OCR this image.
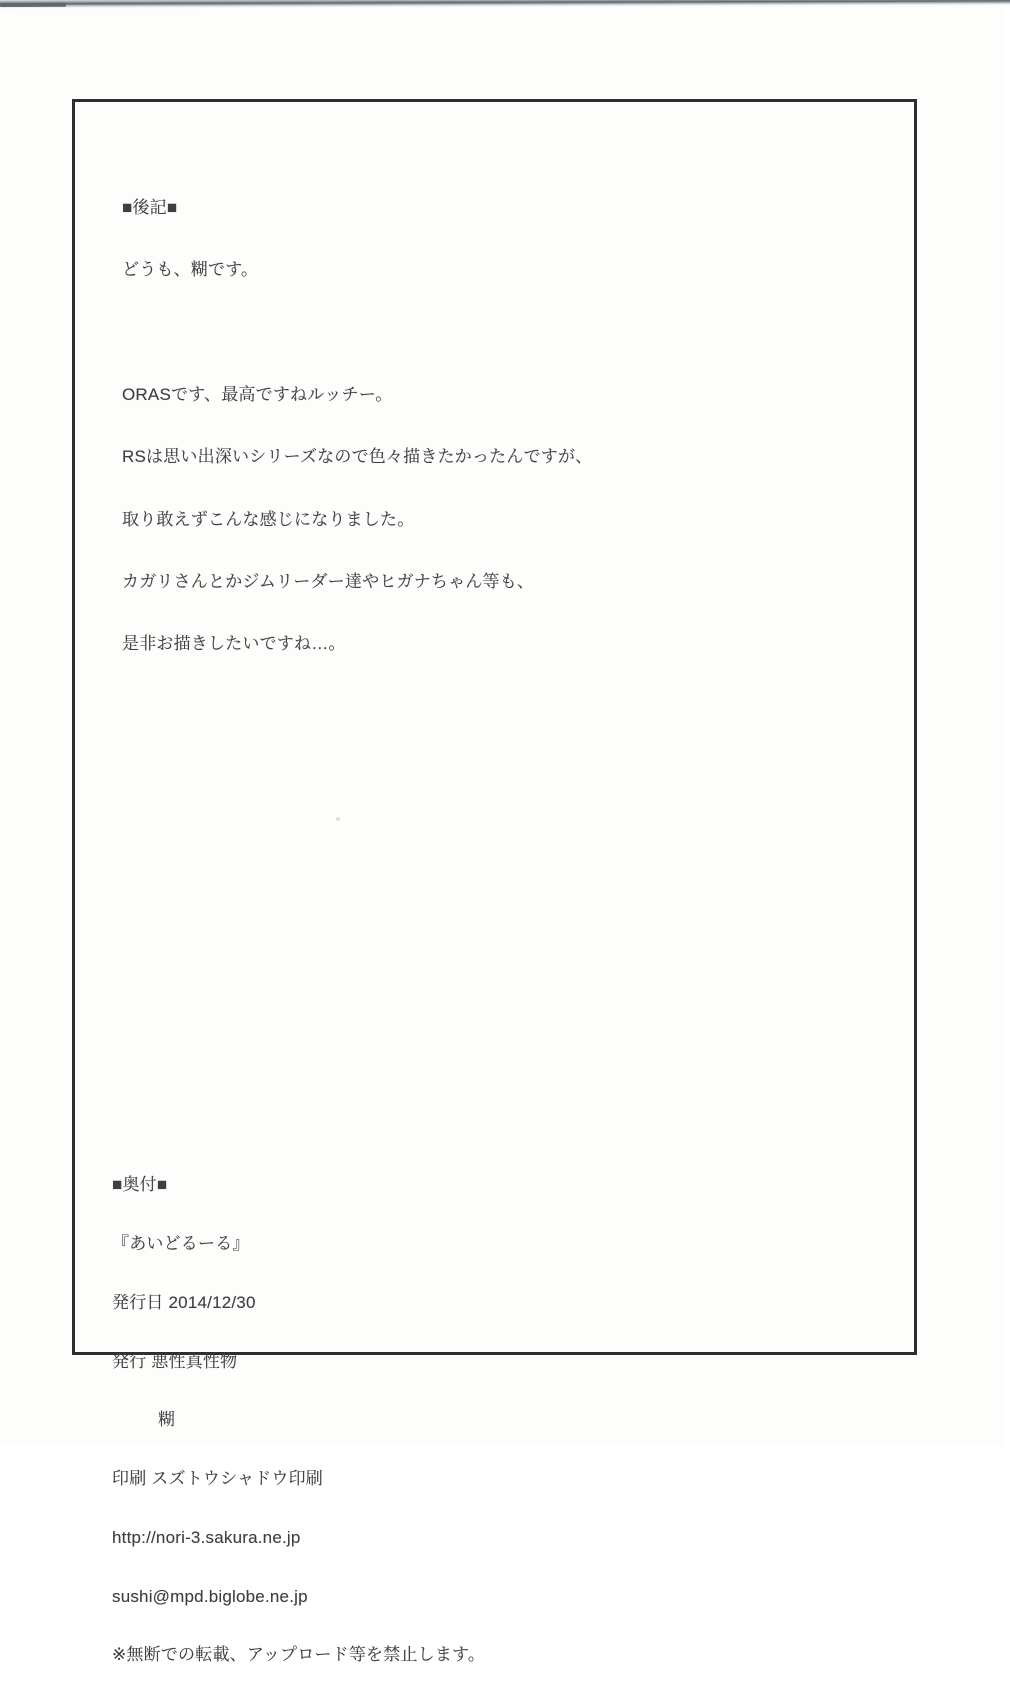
■後記■

どうも、糊です。

ORASです、最高ですねルッチー。

RSは思い出深いシリーズなので色々描きたかったんですが、

取り敢えずこんな感じになりました。

カガリさんとかジムリーダー達やヒガナちゃん等も、

是非お描きしたいですね…。

■奥付■

『あいどるーる』

発行日 2014/12/30

発行 悪性真性物

糊

印刷 スズトウシャドウ印刷

http://nori-3.sakura.ne.jp

sushi@mpd.biglobe.ne.jp

※無断での転載、アップロード等を禁止します。
